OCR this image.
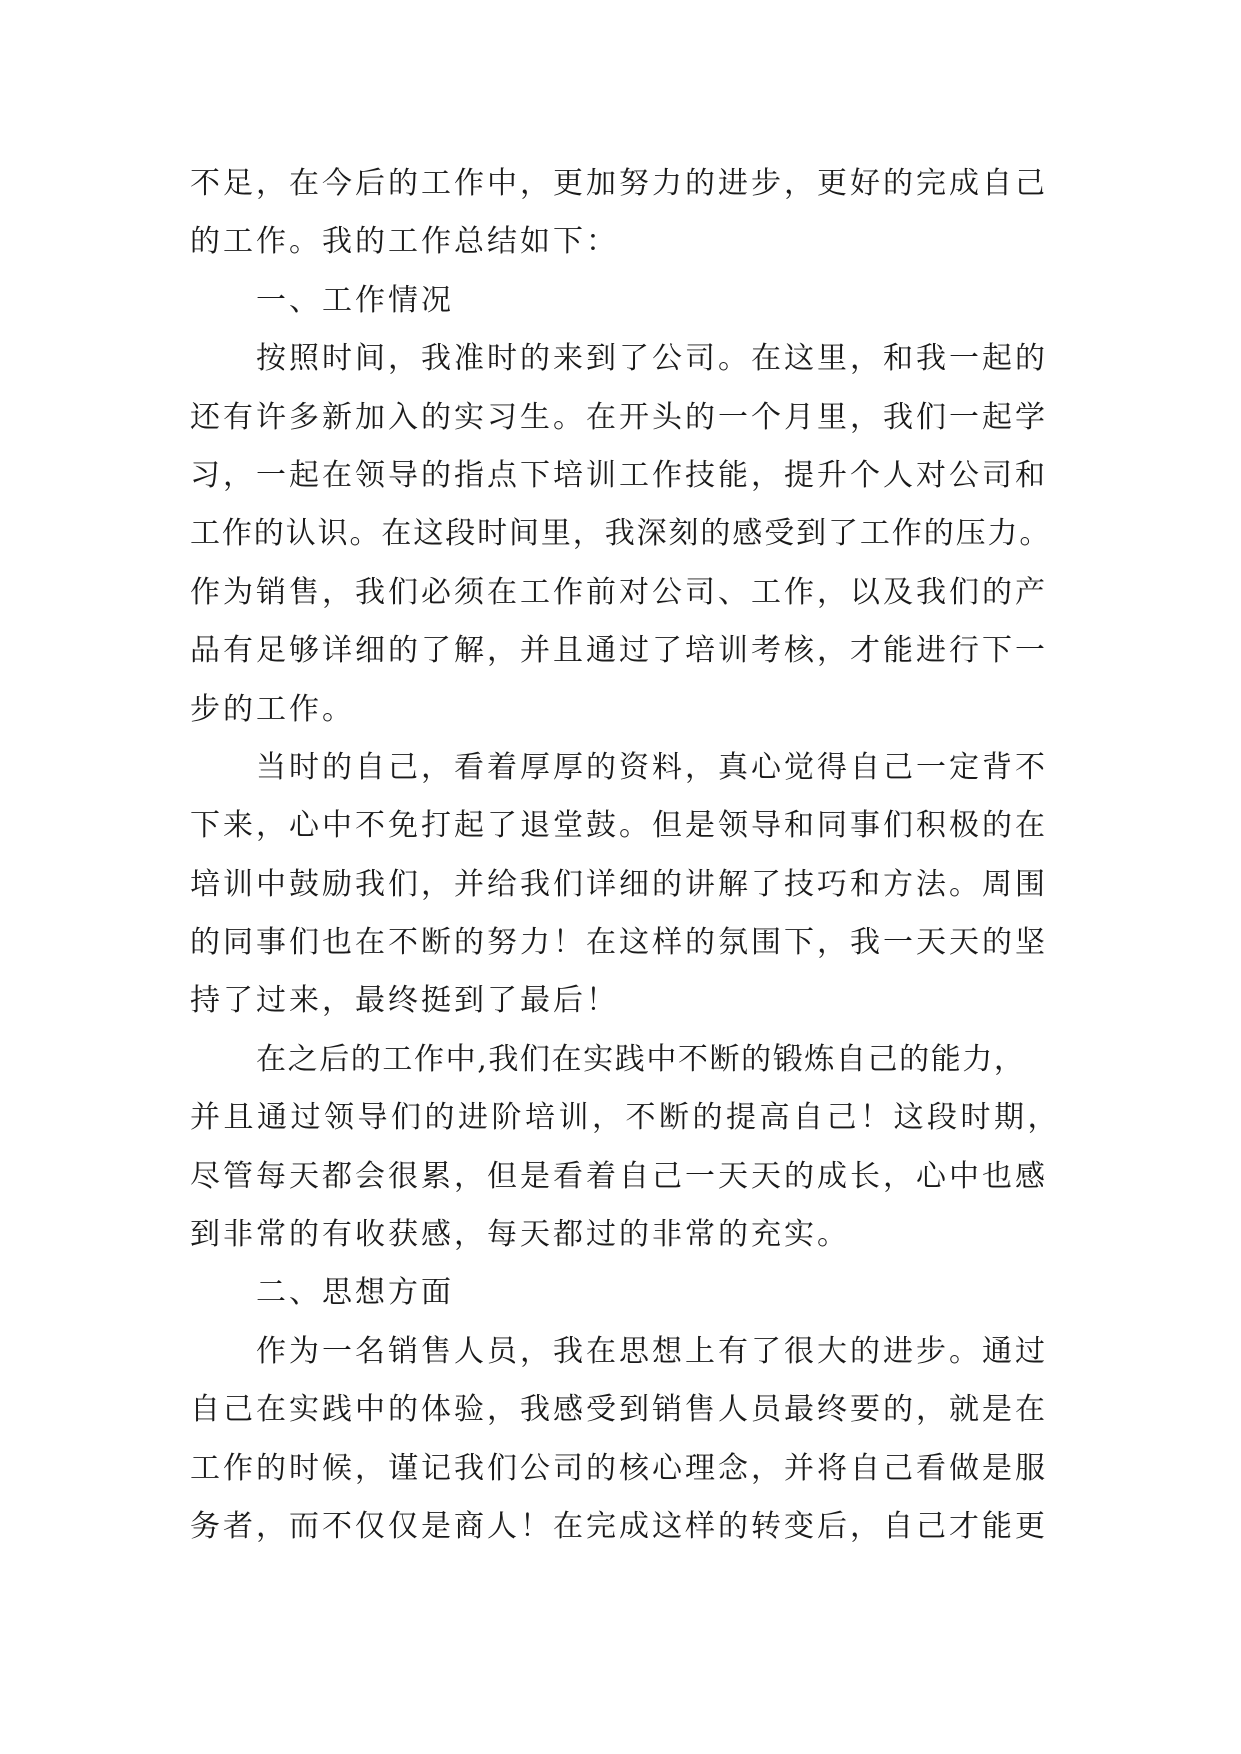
不足，在今后的工作中，更加努力的进步，更好的完成自己
的工作。我的工作总结如下：
一、工作情况
按照时间，我准时的来到了公司。在这里，和我一起的
还有许多新加入的实习生。在开头的一个月里，我们一起学
习，一起在领导的指点下培训工作技能，提升个人对公司和
工作的认识。在这段时间里，我深刻的感受到了工作的压力。
作为销售，我们必须在工作前对公司、工作，以及我们的产
品有足够详细的了解，并且通过了培训考核，才能进行下一
步的工作。
当时的自己，看着厚厚的资料，真心觉得自己一定背不
下来，心中不免打起了退堂鼓。但是领导和同事们积极的在
培训中鼓励我们，并给我们详细的讲解了技巧和方法。周围
的同事们也在不断的努力！在这样的氛围下，我一天天的坚
持了过来，最终挺到了最后！
在之后的工作中,我们在实践中不断的锻炼自己的能力，
并且通过领导们的进阶培训，不断的提高自己！这段时期，
尽管每天都会很累，但是看着自己一天天的成长，心中也感
到非常的有收获感，每天都过的非常的充实。
二、思想方面
作为一名销售人员，我在思想上有了很大的进步。通过
自己在实践中的体验，我感受到销售人员最终要的，就是在
工作的时候，谨记我们公司的核心理念，并将自己看做是服
务者，而不仅仅是商人！在完成这样的转变后，自己才能更
